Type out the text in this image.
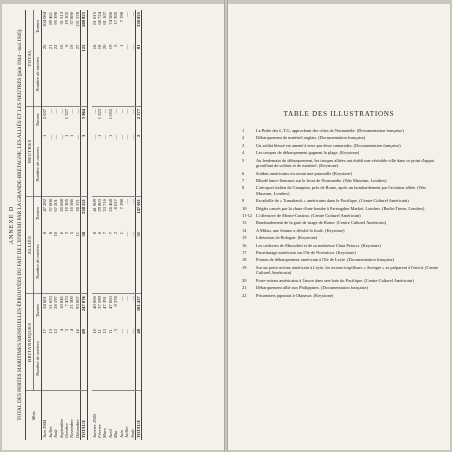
ANNEXE D TOTAL DES PERTES MARITIMES MENSUELLES ÉPROUVÉES DU FAIT DE L'ENNEMI PAR LA GRANDE-BRETAGNE, LES ALLIÉS ET LES NEUTRES (juin 1944 - mai 1945) Mois	BRITANNIQUES		ALLIÉS		NEUTRES		TOTAL	
	Nombre de navires	Tonnes	Nombre de navires	Tonnes	Nombre de navires	Tonnes	Nombre de navires	Tonnes
Juin 1944	17	34 601	8	47 282	1	2 637	26	104 084
Juillet	13	51 653	8	37 808	—	—	21	89 461
Août	12	28 197	10	67 201	—	—	22	95 398
Septembre	4	10 845	6	20 668	—	—	10	31 513
Octobre	3	7 473	2	10 305	1	1 327	6	19 105
Novembre	4	21 300	5	16 586	1	—	10	37 886
Décembre	16	93 007	11	38 371	—	—	27	131 378
TOTAUX	69	247 076	50	238 221	3	3 964	122	508 825

Janvier 1945	10	40 006	8	41 809	—	—	18	81 815
Février	11	37 599	6	29 803	1	1 322	18	68 724
Mars	13	47 391	7	33 716	—	—	20	81 107
Avril	11	47 063	7	26 468	1	1 055	19	74 586
Mai	3	9 378	2	8 017	—	—	5	17 395
Juin	—	—	1	7 198	—	—	1	7 198
Juillet	—	—	—	—	—	—	—	—
Août	—	—	—	—	—	—	—	—
TOTAUX	48	181 437	31	147 011	2	2 377	81	330 825
TABLE DES ILLUSTRATIONS
1	La Boîte des L.T.G. approchant des côtes de Normandie. (Documentation française)
2	Débarquement de matériel anglais. (Documentation française)
3	Un soldat blessé est amené à terre par deux camarades. (Documentation française)
4	Les troupes de débarquement gagnent la plage. (Keystone)
5	Au lendemain du débarquement, les troupes alliées ont établi une véritable ville dans ce point d'appui grouillant de soldats et de matériel. (Keystone)
6	Soldats américains escortant une patrouille (Keystone)
7	Blindé lance-flammes sur le front de Normandie. (War Museum, Londres)
8	L'aéroport italien de Ciampino, près de Rome, après un bombardement par l'aviation alliée. (War Museum, Londres)
9	Escadrille de « Tomahawk » américains dans le Pacifique. (Centre Culturel Américain)
10	Dégâts causés par la chute d'une bombe à Farringdon Market, Londres. (Radio-Times, Londres)
11-12 L'offensive de Monte-Cassino. (Centre Culturel Américain)
13	Bombardement de la gare de triage de Rome. (Centre Culturel Américain)
14	A Milan, une femme a dérobé la foule. (Keystone)
15	Libération de Bologne. (Keystone)
16	Les cadavres de Mussolini et de sa maîtresse Clara Petacci. (Keystone)
17	Parachutage américain sur l'île de Noemfoor. (Keystone)
18	Ponton de débarquement américain à l'île de Leyte. (Documentation française)
19	Sur un porte-avions américain à Leyte, les avions-torpilleurs « Avenger » se préparent à l'envol. (Centre Culturel Américain)
20	Porte-avions américains à l'ancre dans une baie du Pacifique. (Centre Culturel Américain)
21	Débarquement allié aux Philippines. (Documentation française)
22	Prisonniers japonais à Okinawa. (Keystone)
